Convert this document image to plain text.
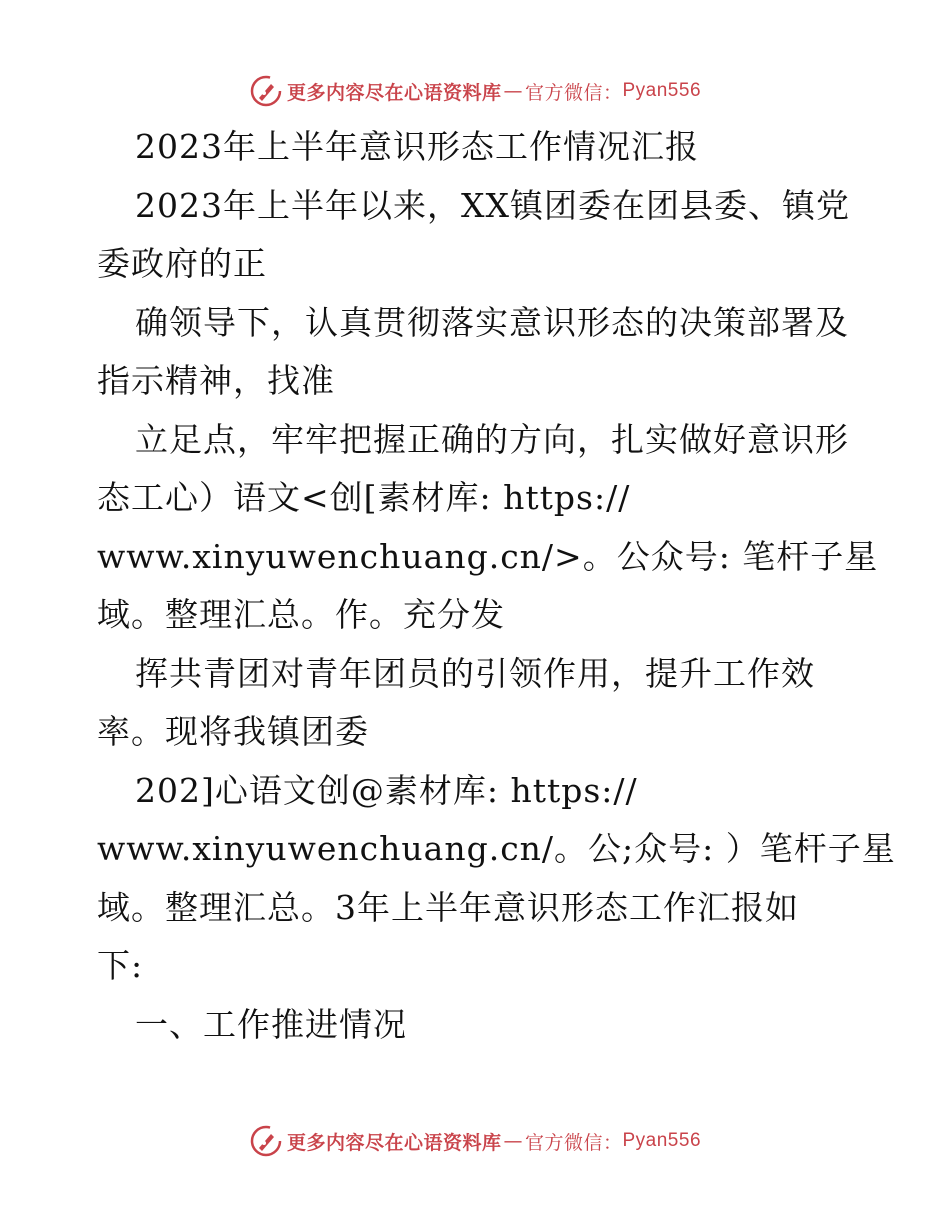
更多内容尽在心语资料库 — 官方微信： Pyan556
2023年上半年意识形态工作情况汇报
2023年上半年以来，XX镇团委在团县委、镇党
委政府的正
确领导下，认真贯彻落实意识形态的决策部署及
指示精神，找准
立足点，牢牢把握正确的方向，扎实做好意识形
态工心）语文<创[素材库: https://
www.xinyuwenchuang.cn/>。公众号: 笔杆子星
域。整理汇总。作。充分发
挥共青团对青年团员的引领作用，提升工作效
率。现将我镇团委
202]心语文创@素材库: https://
www.xinyuwenchuang.cn/。公;众号: ）笔杆子星
域。整理汇总。3年上半年意识形态工作汇报如
下:
一、工作推进情况
更多内容尽在心语资料库 — 官方微信： Pyan556
